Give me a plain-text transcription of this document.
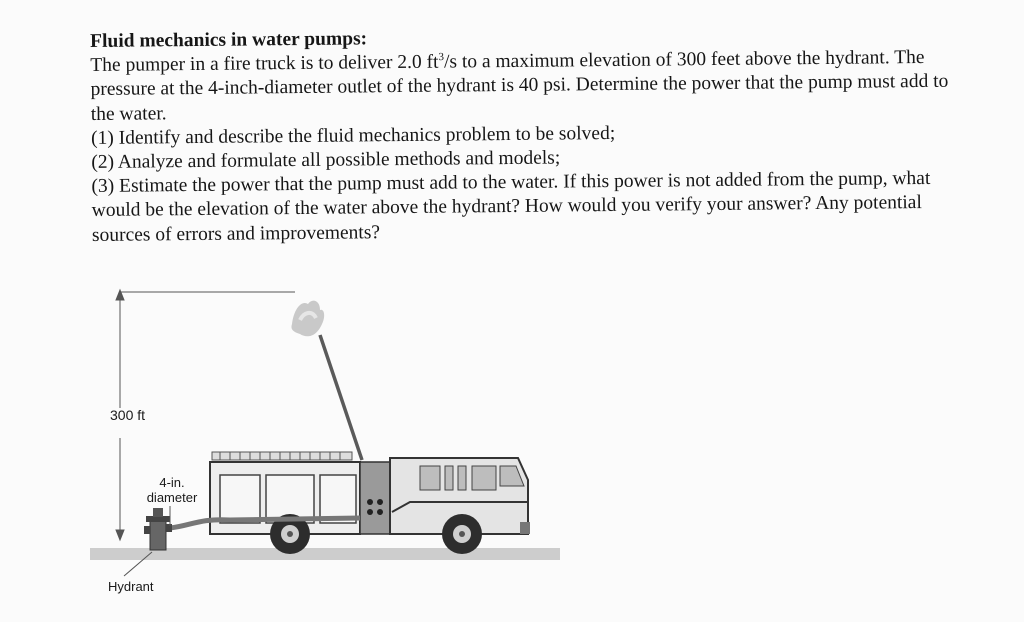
Fluid mechanics in water pumps:

The pumper in a fire truck is to deliver 2.0 $ft^3/s$ to a maximum elevation of 300 feet above the hydrant. The pressure at the 4-inch-diameter outlet of the hydrant is 40 psi. Determine the power that the pump must add to the water.

(1) Identify and describe the fluid mechanics problem to be solved;

(2) Analyze and formulate all possible methods and models;

(3) Estimate the power that the pump must add to the water. If this power is not added from the pump, what would be the elevation of the water above the hydrant? How would you verify your answer? Any potential sources of errors and improvements?

300 ft
4-in.
diameter
Hydrant
